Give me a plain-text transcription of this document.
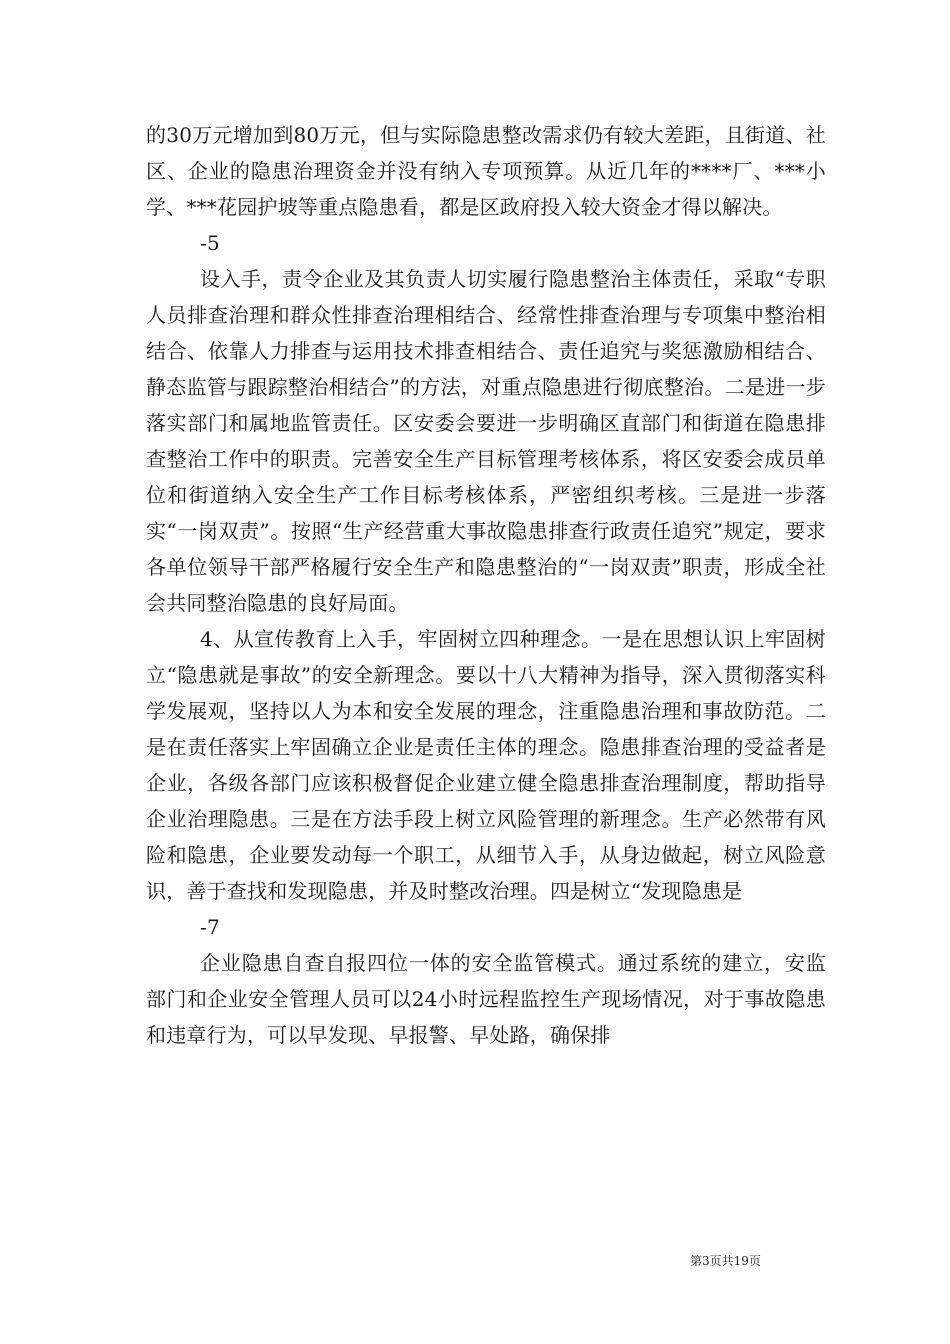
的30万元增加到80万元，但与实际隐患整改需求仍有较大差距，且街道、社区、企业的隐患治理资金并没有纳入专项预算。从近几年的****厂、***小学、***花园护坡等重点隐患看，都是区政府投入较大资金才得以解决。

-5

设入手，责令企业及其负责人切实履行隐患整治主体责任，采取“专职人员排查治理和群众性排查治理相结合、经常性排查治理与专项集中整治相结合、依靠人力排查与运用技术排查相结合、责任追究与奖惩激励相结合、静态监管与跟踪整治相结合”的方法，对重点隐患进行彻底整治。二是进一步落实部门和属地监管责任。区安委会要进一步明确区直部门和街道在隐患排查整治工作中的职责。完善安全生产目标管理考核体系，将区安委会成员单位和街道纳入安全生产工作目标考核体系，严密组织考核。三是进一步落实“一岗双责”。按照“生产经营重大事故隐患排查行政责任追究”规定，要求各单位领导干部严格履行安全生产和隐患整治的“一岗双责”职责，形成全社会共同整治隐患的良好局面。

4、从宣传教育上入手，牢固树立四种理念。一是在思想认识上牢固树立“隐患就是事故”的安全新理念。要以十八大精神为指导，深入贯彻落实科学发展观，坚持以人为本和安全发展的理念，注重隐患治理和事故防范。二是在责任落实上牢固确立企业是责任主体的理念。隐患排查治理的受益者是企业，各级各部门应该积极督促企业建立健全隐患排查治理制度，帮助指导企业治理隐患。三是在方法手段上树立风险管理的新理念。生产必然带有风险和隐患，企业要发动每一个职工，从细节入手，从身边做起，树立风险意识，善于查找和发现隐患，并及时整改治理。四是树立“发现隐患是

-7

企业隐患自查自报四位一体的安全监管模式。通过系统的建立，安监部门和企业安全管理人员可以24小时远程监控生产现场情况，对于事故隐患和违章行为，可以早发现、早报警、早处路，确保排

第3页共19页
